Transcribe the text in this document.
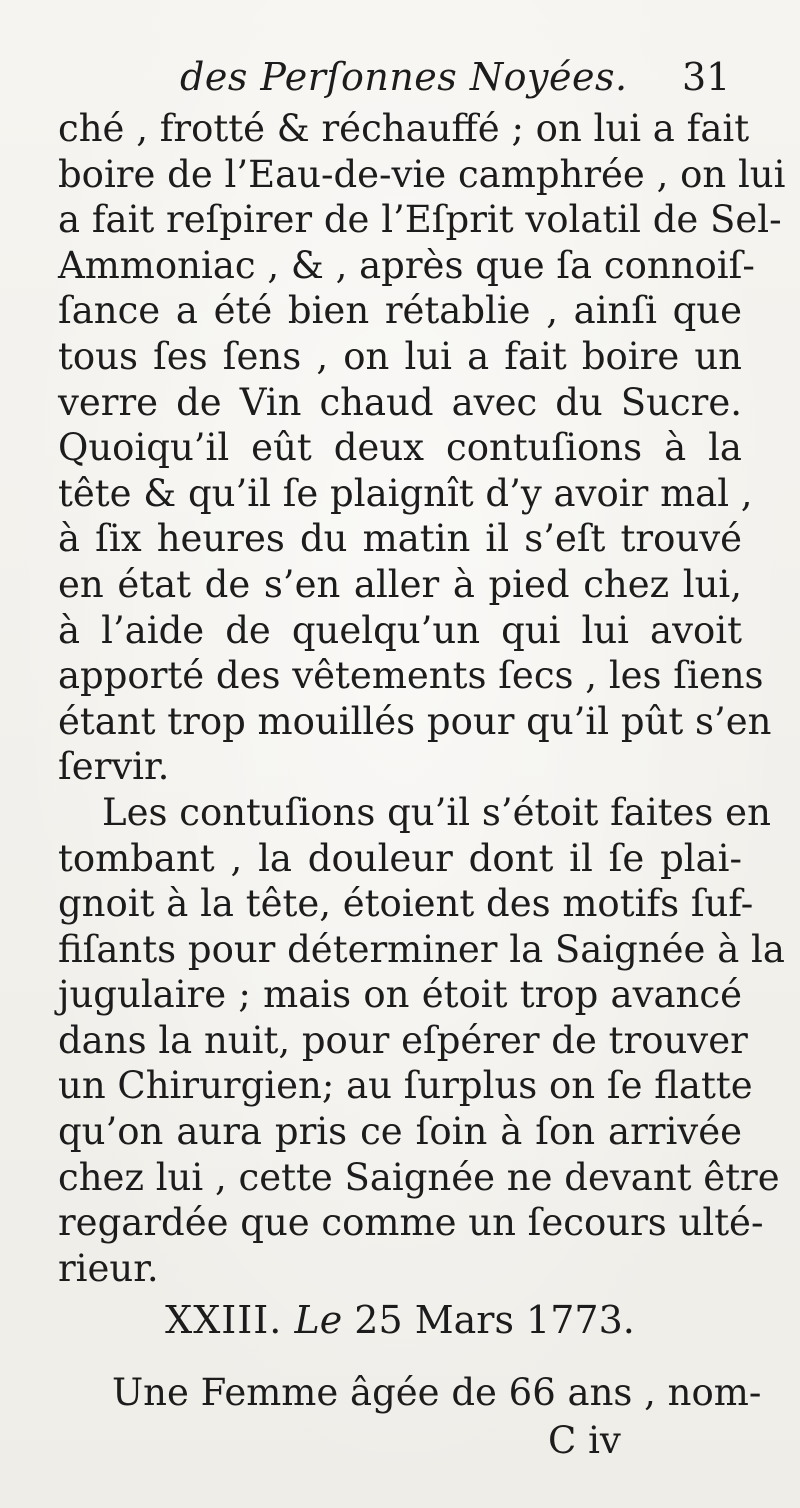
des Perſonnes Noyées. 31
ché , frotté & réchauffé ; on lui a fait
boire de l’Eau-de-vie camphrée , on lui
a fait reſpirer de l’Eſprit volatil de Sel-
Ammoniac , & , après que ſa connoiſ-
ſance a été bien rétablie , ainſi que
tous ſes ſens , on lui a fait boire un
verre de Vin chaud avec du Sucre.
Quoiqu’il eût deux contuſions à la
tête & qu’il ſe plaignît d’y avoir mal ,
à ſix heures du matin il s’eſt trouvé
en état de s’en aller à pied chez lui,
à l’aide de quelqu’un qui lui avoit
apporté des vêtements ſecs , les ſiens
étant trop mouillés pour qu’il pût s’en
ſervir.
Les contuſions qu’il s’étoit faites en
tombant , la douleur dont il ſe plai-
gnoit à la tête, étoient des motifs ſuf-
fiſants pour déterminer la Saignée à la
jugulaire ; mais on étoit trop avancé
dans la nuit, pour eſpérer de trouver
un Chirurgien; au ſurplus on ſe flatte
qu’on aura pris ce ſoin à ſon arrivée
chez lui , cette Saignée ne devant être
regardée que comme un ſecours ulté-
rieur.
XXIII. Le 25 Mars 1773.
Une Femme âgée de 66 ans , nom-
C iv
